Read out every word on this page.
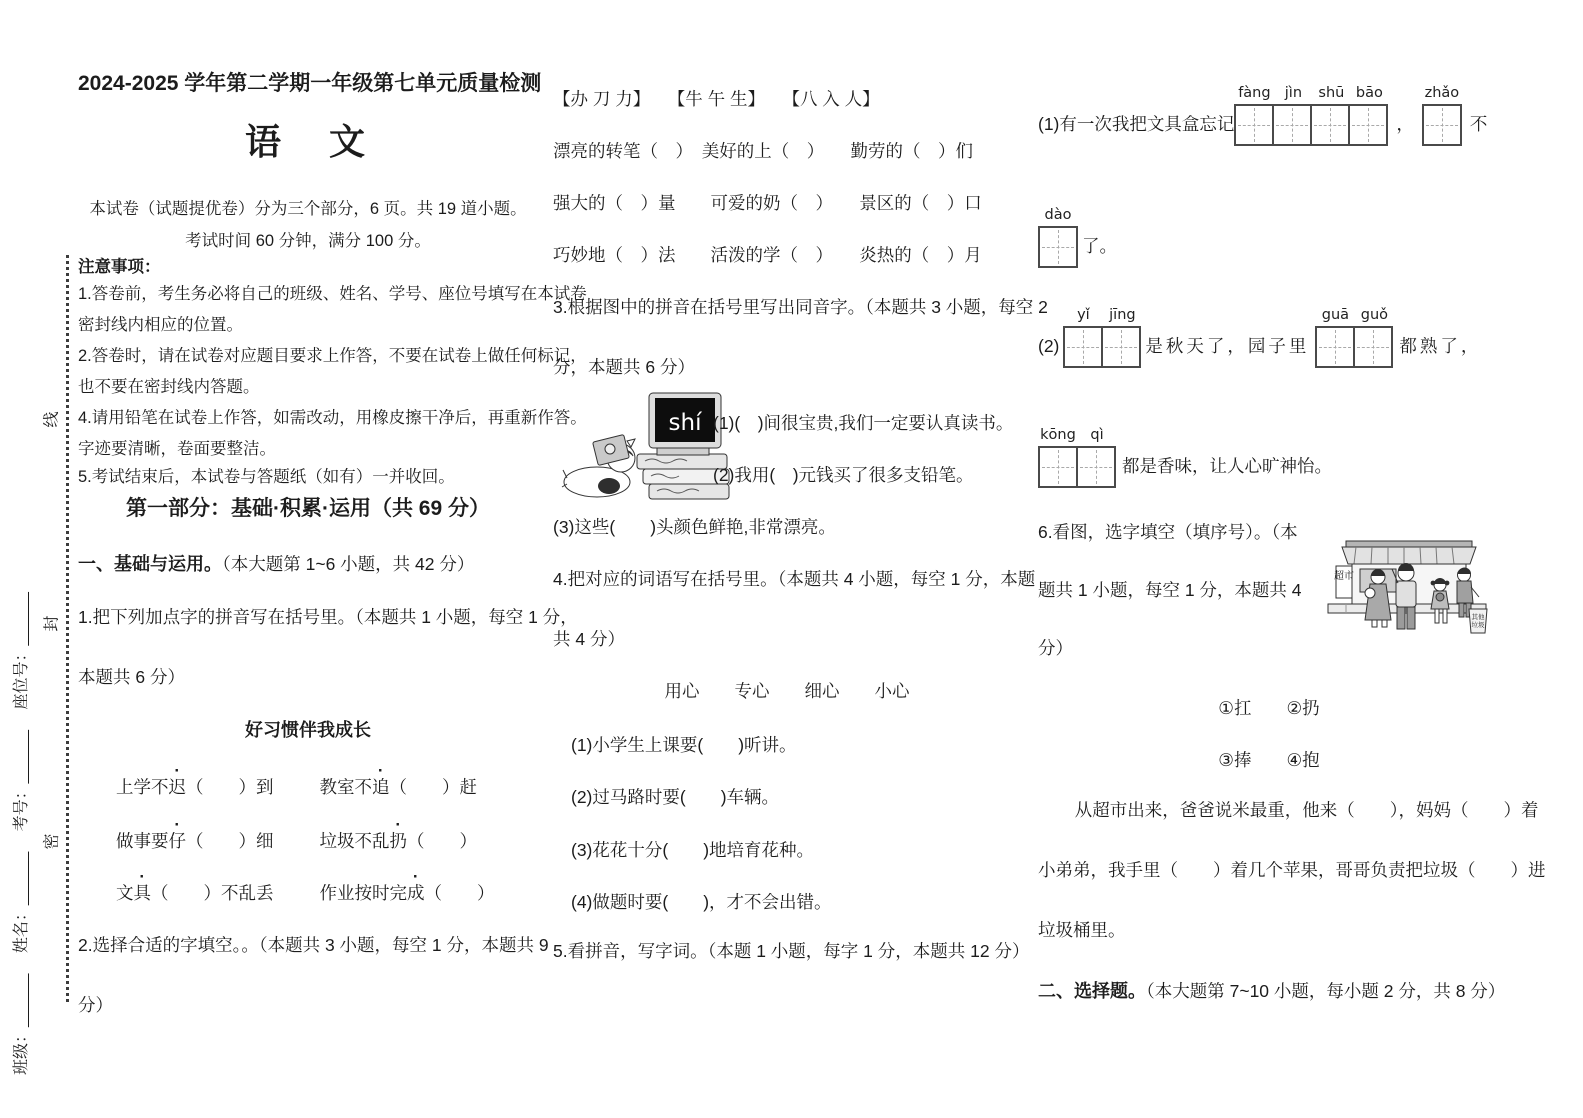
班级：______　 姓名：______　 考号：______　 座位号：______
线
封
密
2024-2025 学年第二学期一年级第七单元质量检测
语　文
本试卷（试题提优卷）分为三个部分，6 页。共 19 道小题。
考试时间 60 分钟，满分 100 分。
注意事项：
1.答卷前，考生务必将自己的班级、姓名、学号、座位号填写在本试卷
密封线内相应的位置。
2.答卷时，请在试卷对应题目要求上作答，不要在试卷上做任何标记，
也不要在密封线内答题。
4.请用铅笔在试卷上作答，如需改动，用橡皮擦干净后，再重新作答。
字迹要清晰，卷面要整洁。
5.考试结束后，本试卷与答题纸（如有）一并收回。
第一部分：基础·积累·运用（共 69 分）
一、基础与运用。（本大题第 1~6 小题，共 42 分）
1.把下列加点字的拼音写在括号里。（本题共 1 小题，每空 1 分，
本题共 6 分）
好习惯伴我成长
上学不迟（　　）到	教室不追（　　）赶
做事要仔（　　）细	垃圾不乱扔（　　）
文具（　　）不乱丢	作业按时完成（　　）
2.选择合适的字填空。。（本题共 3 小题，每空 1 分，本题共 9
分）
【办 刀 力】　　【牛 午 生】　　【八 入 人】
漂亮的转笔（　）　美好的上（　）　　勤劳的（　）们
强大的（　）量　　可爱的奶（　）　　景区的（　）口
巧妙地（　）法　　活泼的学（　）　　炎热的（　）月
3.根据图中的拼音在括号里写出同音字。（本题共 3 小题，每空 2
分，本题共 6 分）
shí (1)(　)间很宝贵,我们一定要认真读书。
(2)我用(　)元钱买了很多支铅笔。
(3)这些(　　)头颜色鲜艳,非常漂亮。
4.把对应的词语写在括号里。（本题共 4 小题，每空 1 分，本题
共 4 分）
用心　　专心　　细心　　小心
(1)小学生上课要(　　)听讲。
(2)过马路时要(　　)车辆。
(3)花花十分(　　)地培育花种。
(4)做题时要(　　)，才不会出错。
5.看拼音，写字词。（本题 1 小题，每字 1 分，本题共 12 分）
(1)有一次我把文具盒忘记
fàng jìn shū bāo
，
zhǎo
不
dào
了。
(2)
yǐ jīng
是秋天了，园子里
guā guǒ
都熟了，
kōng qì
都是香味，让人心旷神怡。
6.看图，选字填空（填序号）。（本
题共 1 小题，每空 1 分，本题共 4
分）
超市
其他
垃圾
①扛　　②扔
③捧　　④抱
从超市出来，爸爸说米最重，他来（　　），妈妈（　　）着
小弟弟，我手里（　　）着几个苹果，哥哥负责把垃圾（　　）进
垃圾桶里。
二、选择题。（本大题第 7~10 小题，每小题 2 分，共 8 分）
